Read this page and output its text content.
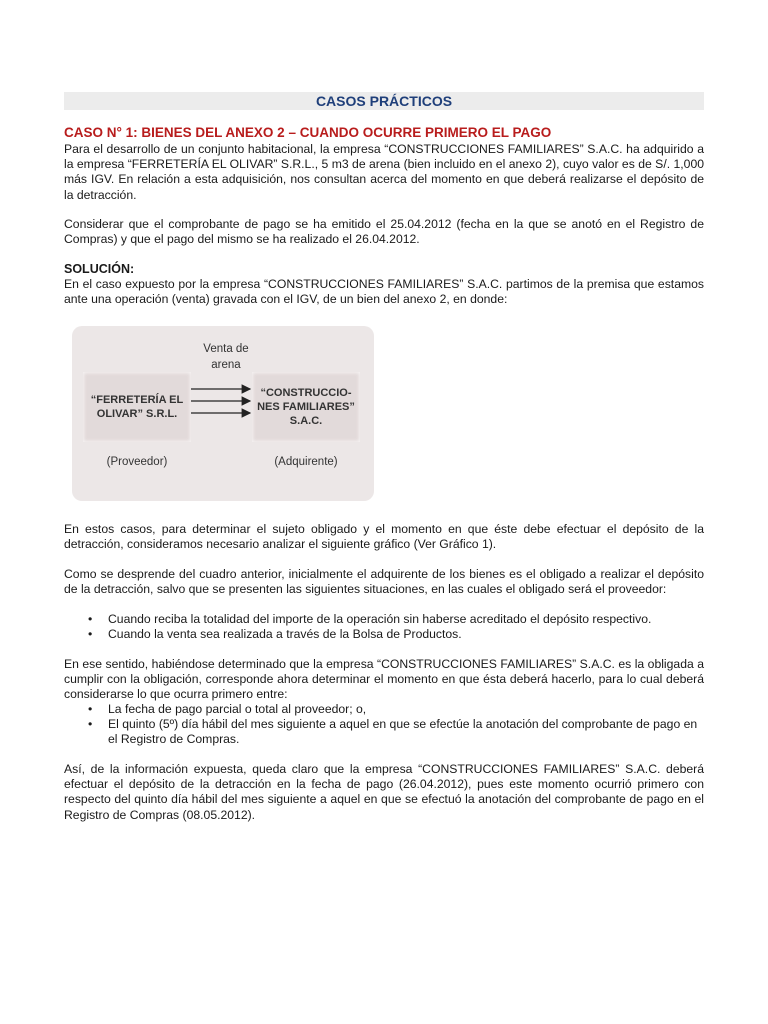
CASOS PRÁCTICOS
CASO N° 1: BIENES DEL ANEXO 2 – CUANDO OCURRE PRIMERO EL PAGO
Para el desarrollo de un conjunto habitacional, la empresa “CONSTRUCCIONES FAMILIARES” S.A.C. ha adquirido a la empresa “FERRETERÍA EL OLIVAR” S.R.L., 5 m3 de arena (bien incluido en el anexo 2), cuyo valor es de S/. 1,000 más IGV. En relación a esta adquisición, nos consultan acerca del momento en que deberá realizarse el depósito de la detracción.
Considerar que el comprobante de pago se ha emitido el 25.04.2012 (fecha en la que se anotó en el Registro de Compras) y que el pago del mismo se ha realizado el 26.04.2012.
SOLUCIÓN:
En el caso expuesto por la empresa “CONSTRUCCIONES FAMILIARES” S.A.C. partimos de la premisa que estamos ante una operación (venta) gravada con el IGV, de un bien del anexo 2, en donde:
Venta de arena
“FERRETERÍA EL OLIVAR” S.R.L.
“CONSTRUCCIO- NES FAMILIARES” S.A.C.
(Proveedor)	(Adquirente)
En estos casos, para determinar el sujeto obligado y el momento en que éste debe efectuar el depósito de la detracción, consideramos necesario analizar el siguiente gráfico (Ver Gráfico 1).
Como se desprende del cuadro anterior, inicialmente el adquirente de los bienes es el obligado a realizar el depósito de la detracción, salvo que se presenten las siguientes situaciones, en las cuales el obligado será el proveedor:
• Cuando reciba la totalidad del importe de la operación sin haberse acreditado el depósito respectivo.
• Cuando la venta sea realizada a través de la Bolsa de Productos.
En ese sentido, habiéndose determinado que la empresa “CONSTRUCCIONES FAMILIARES” S.A.C. es la obligada a cumplir con la obligación, corresponde ahora determinar el momento en que ésta deberá hacerlo, para lo cual deberá considerarse lo que ocurra primero entre:
• La fecha de pago parcial o total al proveedor; o,
• El quinto (5º) día hábil del mes siguiente a aquel en que se efectúe la anotación del comprobante de pago en el Registro de Compras.
Así, de la información expuesta, queda claro que la empresa “CONSTRUCCIONES FAMILIARES” S.A.C. deberá efectuar el depósito de la detracción en la fecha de pago (26.04.2012), pues este momento ocurrió primero con respecto del quinto día hábil del mes siguiente a aquel en que se efectuó la anotación del comprobante de pago en el Registro de Compras (08.05.2012).
